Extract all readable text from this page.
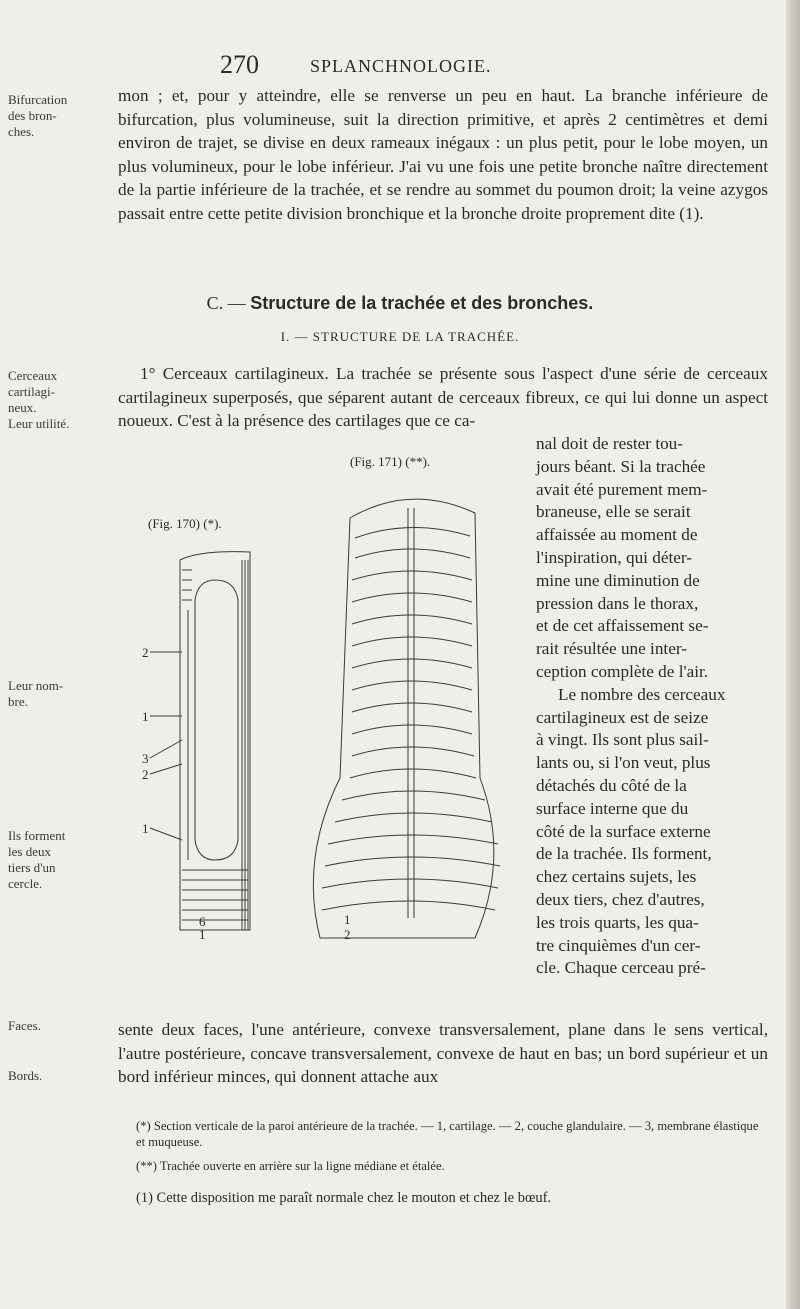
270	SPLANCHNOLOGIE.
Bifurcation
des bron-
ches.
Cerceaux
cartilagi-
neux.
Leur utilité.
Leur nom-
bre.
Ils forment
les deux
tiers d'un
cercle.
Faces.
Bords.

mon ; et, pour y atteindre, elle se renverse un peu en haut. La branche inférieure de bifurcation, plus volumineuse, suit la direction primitive, et après 2 centimètres et demi environ de trajet, se divise en deux rameaux inégaux : un plus petit, pour le lobe moyen, un plus volumineux, pour le lobe inférieur. J'ai vu une fois une petite bronche naître directement de la partie inférieure de la trachée, et se rendre au sommet du poumon droit; la veine azygos passait entre cette petite division bronchique et la bronche droite proprement dite (1).

C. — Structure de la trachée et des bronches.
I. — STRUCTURE DE LA TRACHÉE.

1° Cerceaux cartilagineux. La trachée se présente sous l'aspect d'une série de cerceaux cartilagineux superposés, que séparent autant de cerceaux fibreux, ce qui lui donne un aspect noueux. C'est à la présence des cartilages que ce ca-

nal doit de rester tou-

jours béant. Si la trachée

avait été purement mem-

braneuse, elle se serait

affaissée au moment de

l'inspiration, qui déter-

mine une diminution de

pression dans le thorax,

et de cet affaissement se-

rait résultée une inter-

ception complète de l'air.

Le nombre des cerceaux

cartilagineux est de seize

à vingt. Ils sont plus sail-

lants ou, si l'on veut, plus

détachés du côté de la

surface interne que du

côté de la surface externe

de la trachée. Ils forment,

chez certains sujets, les

deux tiers, chez d'autres,

les trois quarts, les qua-

tre cinquièmes d'un cer-

cle. Chaque cerceau pré-

(Fig. 170) (*).
2
1
3
2
1
6
1
(Fig. 171) (**).
1
2

sente deux faces, l'une antérieure, convexe transversalement, plane dans le sens vertical, l'autre postérieure, concave transversalement, convexe de haut en bas; un bord supérieur et un bord inférieur minces, qui donnent attache aux

(*) Section verticale de la paroi antérieure de la trachée. — 1, cartilage. — 2, couche glandulaire. — 3, membrane élastique et muqueuse.
(**) Trachée ouverte en arrière sur la ligne médiane et étalée.
(1) Cette disposition me paraît normale chez le mouton et chez le bœuf.
